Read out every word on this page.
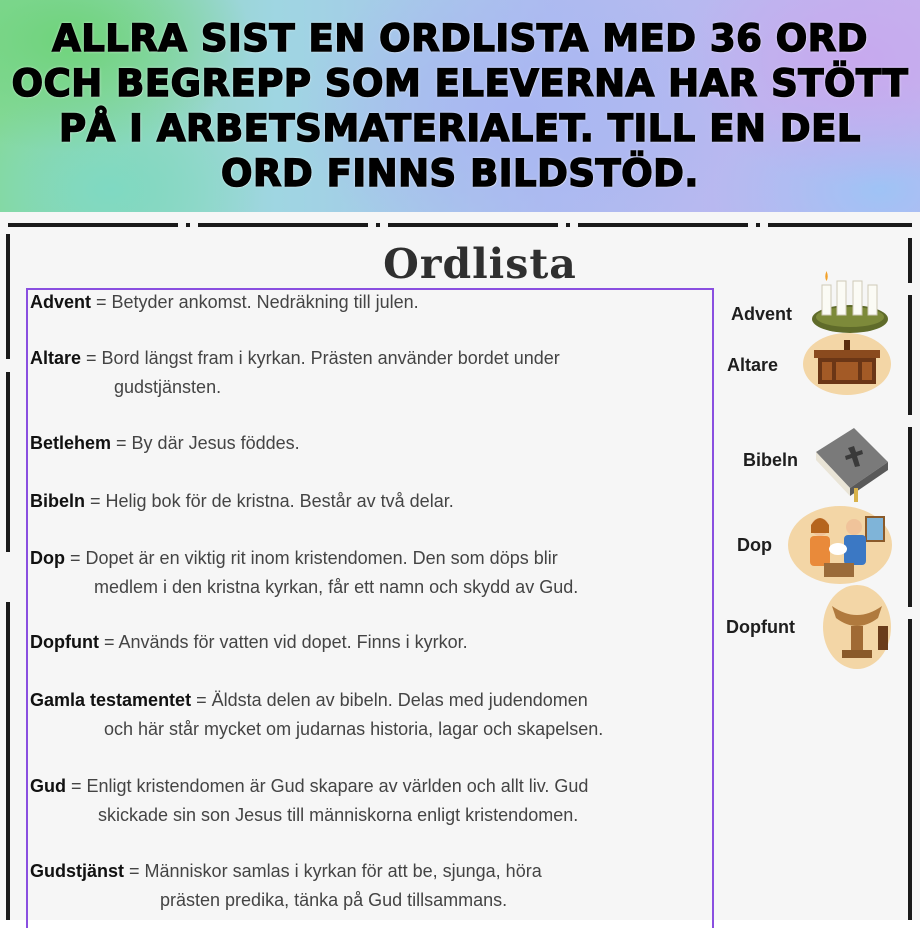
ALLRA SIST EN ORDLISTA MED 36 ORD OCH BEGREPP SOM ELEVERNA HAR STÖTT PÅ I ARBETSMATERIALET. TILL EN DEL ORD FINNS BILDSTÖD.

Ordlista
Advent = Betyder ankomst. Nedräkning till julen.
Altare = Bord längst fram i kyrkan. Prästen använder bordet under
gudstjänsten.
Betlehem = By där Jesus föddes.
Bibeln = Helig bok för de kristna. Består av två delar.
Dop = Dopet är en viktig rit inom kristendomen. Den som döps blir
medlem i den kristna kyrkan, får ett namn och skydd av Gud.
Dopfunt = Används för vatten vid dopet. Finns i kyrkor.
Gamla testamentet = Äldsta delen av bibeln. Delas med judendomen
och här står mycket om judarnas historia, lagar och skapelsen.
Gud = Enligt kristendomen är Gud skapare av världen och allt liv. Gud
skickade sin son Jesus till människorna enligt kristendomen.
Gudstjänst = Människor samlas i kyrkan för att be, sjunga, höra
prästen predika, tänka på Gud tillsammans.
Advent
Altare
Bibeln
Dop
Dopfunt
